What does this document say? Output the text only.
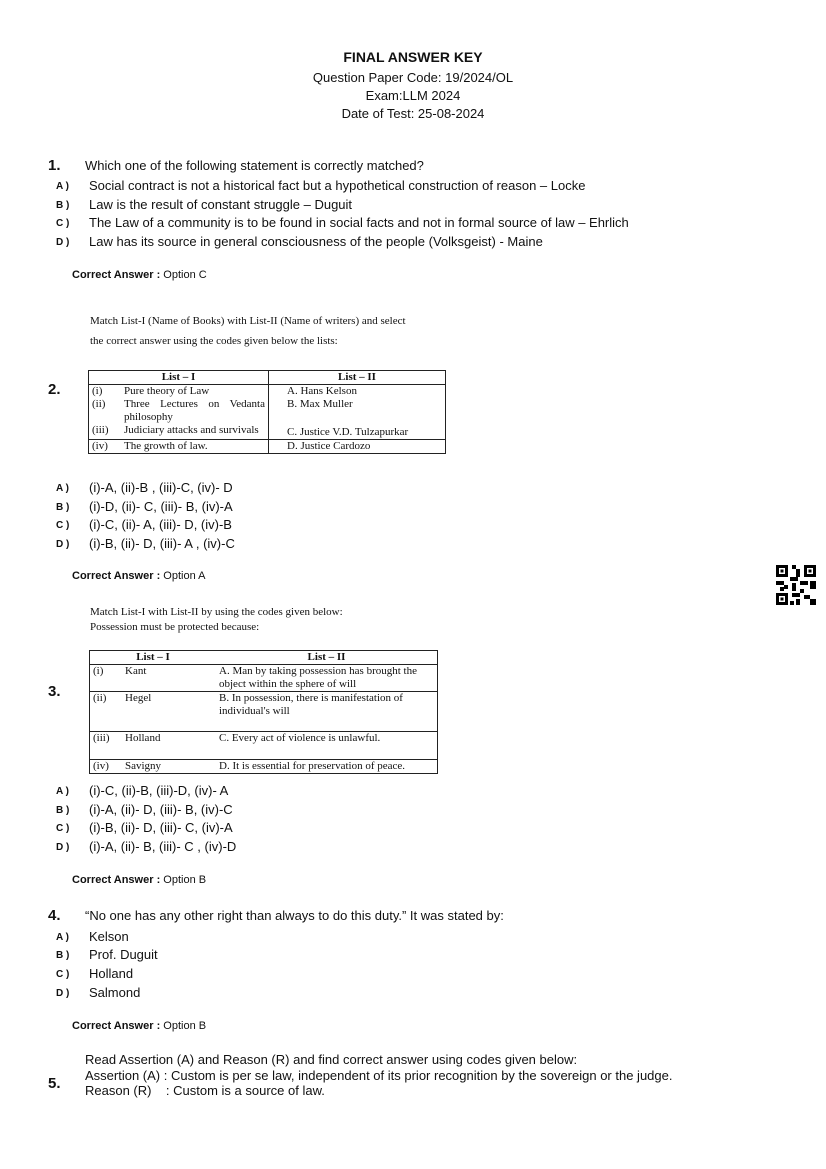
FINAL ANSWER KEY
Question Paper Code: 19/2024/OL
Exam:LLM 2024
Date of Test: 25-08-2024
1. Which one of the following statement is correctly matched?
A ) Social contract is not a historical fact but a hypothetical construction of reason – Locke
B ) Law is the result of constant struggle – Duguit
C ) The Law of a community is to be found in social facts and not in formal source of law – Ehrlich
D ) Law has its source in general consciousness of the people (Volksgeist) - Maine
Correct Answer : Option C
Match List-I (Name of Books) with List-II (Name of writers) and select
the correct answer using the codes given below the lists:
2.
List – I		List – II
(i)	Pure theory of Law	A. Hans Kelson
(ii)	Three Lectures on Vedanta philosophy	B. Max Muller
(iii)	Judiciary attacks and survivals	C. Justice V.D. Tulzapurkar
(iv)	The growth of law.	D. Justice Cardozo
A ) (i)-A, (ii)-B , (iii)-C, (iv)- D
B ) (i)-D, (ii)- C, (iii)- B, (iv)-A
C ) (i)-C, (ii)- A, (iii)- D, (iv)-B
D ) (i)-B, (ii)- D, (iii)- A , (iv)-C
Correct Answer : Option A
Match List-I with List-II by using the codes given below:
Possession must be protected because:
3.
List – I		List – II
(i)	Kant	A. Man by taking possession has brought the object within the sphere of will
(ii)	Hegel	B. In possession, there is manifestation of individual's will
(iii)	Holland	C. Every act of violence is unlawful.
(iv)	Savigny	D. It is essential for preservation of peace.
A ) (i)-C, (ii)-B, (iii)-D, (iv)- A
B ) (i)-A, (ii)- D, (iii)- B, (iv)-C
C ) (i)-B, (ii)- D, (iii)- C, (iv)-A
D ) (i)-A, (ii)- B, (iii)- C , (iv)-D
Correct Answer : Option B
4. “No one has any other right than always to do this duty.” It was stated by:
A ) Kelson
B ) Prof. Duguit
C ) Holland
D ) Salmond
Correct Answer : Option B
5.
Read Assertion (A) and Reason (R) and find correct answer using codes given below:
Assertion (A) : Custom is per se law, independent of its prior recognition by the sovereign or the judge.
Reason (R)    : Custom is a source of law.
